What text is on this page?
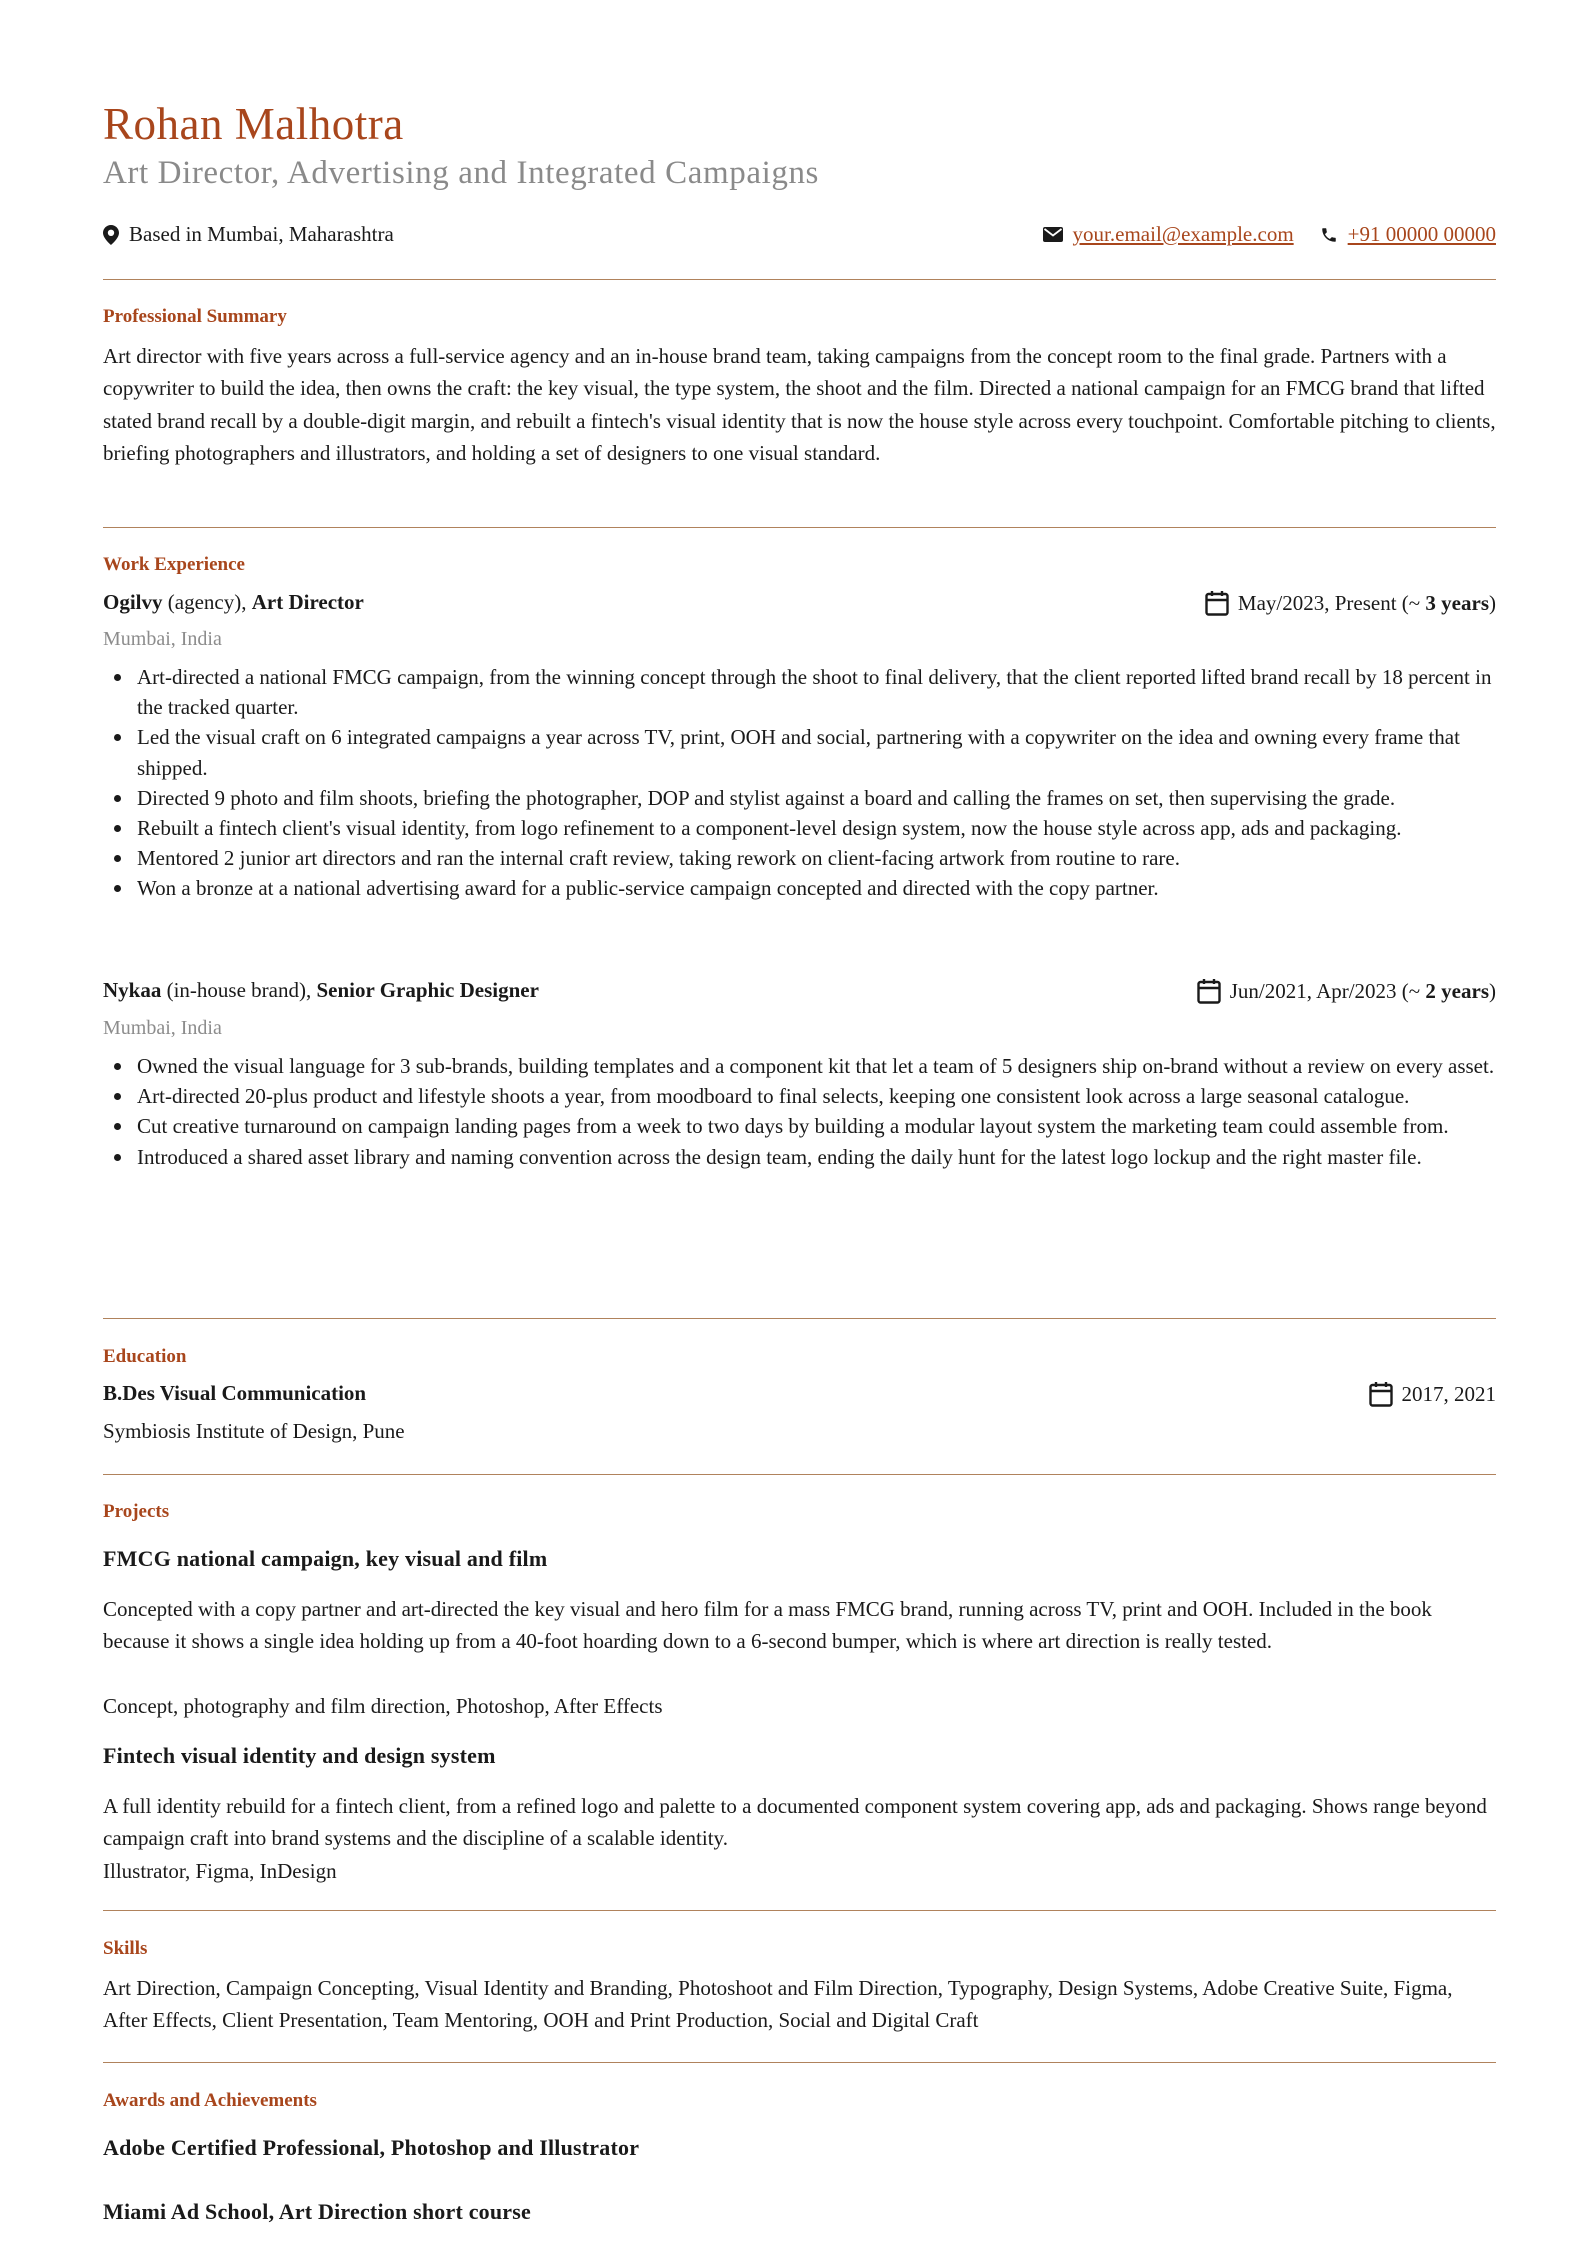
Rohan Malhotra
Art Director, Advertising and Integrated Campaigns
Based in Mumbai, Maharashtra	your.email@example.com	+91 00000 00000
Professional Summary
Art director with five years across a full-service agency and an in-house brand team, taking campaigns from the concept room to the final grade. Partners with a copywriter to build the idea, then owns the craft: the key visual, the type system, the shoot and the film. Directed a national campaign for an FMCG brand that lifted stated brand recall by a double-digit margin, and rebuilt a fintech's visual identity that is now the house style across every touchpoint. Comfortable pitching to clients, briefing photographers and illustrators, and holding a set of designers to one visual standard.
Work Experience
Ogilvy (agency), Art Director	May/2023, Present (~ 3 years)
Mumbai, India
Art-directed a national FMCG campaign, from the winning concept through the shoot to final delivery, that the client reported lifted brand recall by 18 percent in the tracked quarter.
Led the visual craft on 6 integrated campaigns a year across TV, print, OOH and social, partnering with a copywriter on the idea and owning every frame that shipped.
Directed 9 photo and film shoots, briefing the photographer, DOP and stylist against a board and calling the frames on set, then supervising the grade.
Rebuilt a fintech client's visual identity, from logo refinement to a component-level design system, now the house style across app, ads and packaging.
Mentored 2 junior art directors and ran the internal craft review, taking rework on client-facing artwork from routine to rare.
Won a bronze at a national advertising award for a public-service campaign concepted and directed with the copy partner.
Nykaa (in-house brand), Senior Graphic Designer	Jun/2021, Apr/2023 (~ 2 years)
Mumbai, India
Owned the visual language for 3 sub-brands, building templates and a component kit that let a team of 5 designers ship on-brand without a review on every asset.
Art-directed 20-plus product and lifestyle shoots a year, from moodboard to final selects, keeping one consistent look across a large seasonal catalogue.
Cut creative turnaround on campaign landing pages from a week to two days by building a modular layout system the marketing team could assemble from.
Introduced a shared asset library and naming convention across the design team, ending the daily hunt for the latest logo lockup and the right master file.
Education
B.Des Visual Communication	2017, 2021
Symbiosis Institute of Design, Pune
Projects
FMCG national campaign, key visual and film
Concepted with a copy partner and art-directed the key visual and hero film for a mass FMCG brand, running across TV, print and OOH. Included in the book because it shows a single idea holding up from a 40-foot hoarding down to a 6-second bumper, which is where art direction is really tested.
Concept, photography and film direction, Photoshop, After Effects
Fintech visual identity and design system
A full identity rebuild for a fintech client, from a refined logo and palette to a documented component system covering app, ads and packaging. Shows range beyond campaign craft into brand systems and the discipline of a scalable identity.
Illustrator, Figma, InDesign
Skills
Art Direction, Campaign Concepting, Visual Identity and Branding, Photoshoot and Film Direction, Typography, Design Systems, Adobe Creative Suite, Figma, After Effects, Client Presentation, Team Mentoring, OOH and Print Production, Social and Digital Craft
Awards and Achievements
Adobe Certified Professional, Photoshop and Illustrator
Miami Ad School, Art Direction short course
